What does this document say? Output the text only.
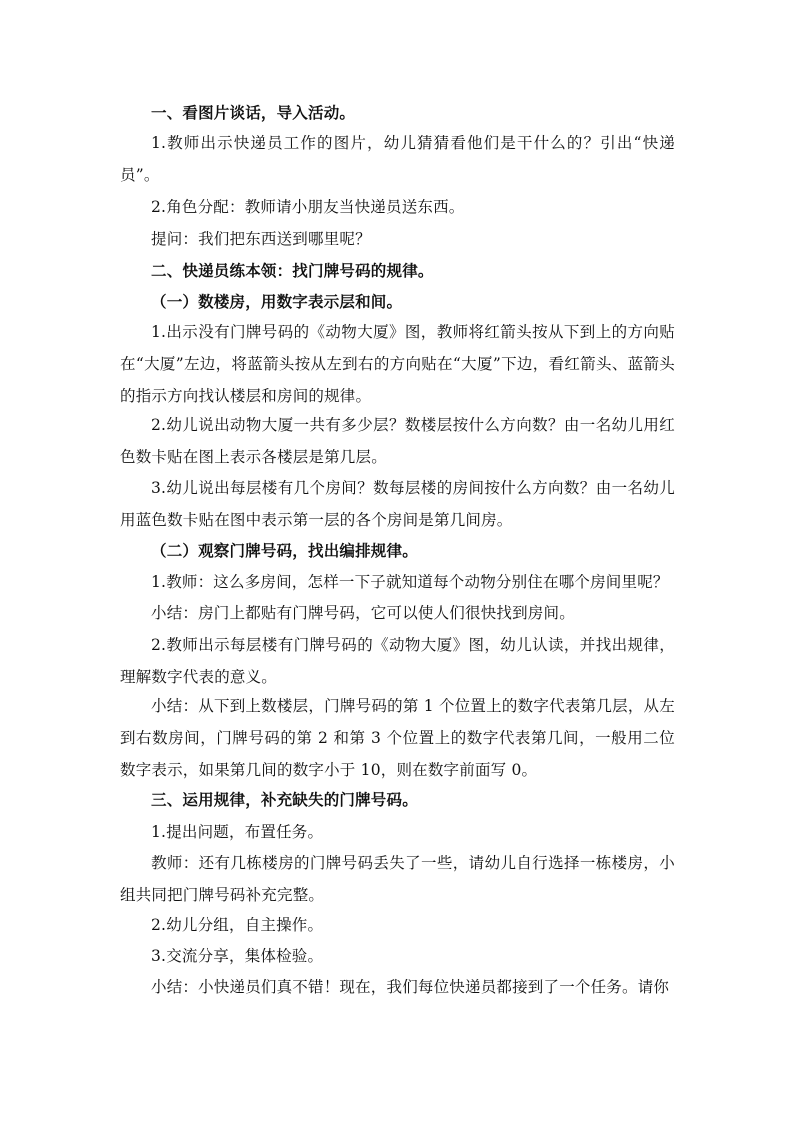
一、看图片谈话，导入活动。

1.教师出示快递员工作的图片，幼儿猜猜看他们是干什么的？引出“快递员”。

2.角色分配：教师请小朋友当快递员送东西。

提问：我们把东西送到哪里呢？

二、快递员练本领：找门牌号码的规律。

（一）数楼房，用数字表示层和间。

1.出示没有门牌号码的《动物大厦》图，教师将红箭头按从下到上的方向贴在“大厦”左边，将蓝箭头按从左到右的方向贴在“大厦”下边，看红箭头、蓝箭头的指示方向找认楼层和房间的规律。

2.幼儿说出动物大厦一共有多少层？数楼层按什么方向数？由一名幼儿用红色数卡贴在图上表示各楼层是第几层。

3.幼儿说出每层楼有几个房间？数每层楼的房间按什么方向数？由一名幼儿用蓝色数卡贴在图中表示第一层的各个房间是第几间房。

（二）观察门牌号码，找出编排规律。

1.教师：这么多房间，怎样一下子就知道每个动物分别住在哪个房间里呢？

小结：房门上都贴有门牌号码，它可以使人们很快找到房间。

2.教师出示每层楼有门牌号码的《动物大厦》图，幼儿认读，并找出规律，理解数字代表的意义。

小结：从下到上数楼层，门牌号码的第 1 个位置上的数字代表第几层，从左到右数房间，门牌号码的第 2 和第 3 个位置上的数字代表第几间，一般用二位数字表示，如果第几间的数字小于 10，则在数字前面写 0。

三、运用规律，补充缺失的门牌号码。

1.提出问题，布置任务。

教师：还有几栋楼房的门牌号码丢失了一些，请幼儿自行选择一栋楼房，小组共同把门牌号码补充完整。

2.幼儿分组，自主操作。

3.交流分享，集体检验。

小结：小快递员们真不错！现在，我们每位快递员都接到了一个任务。请你
